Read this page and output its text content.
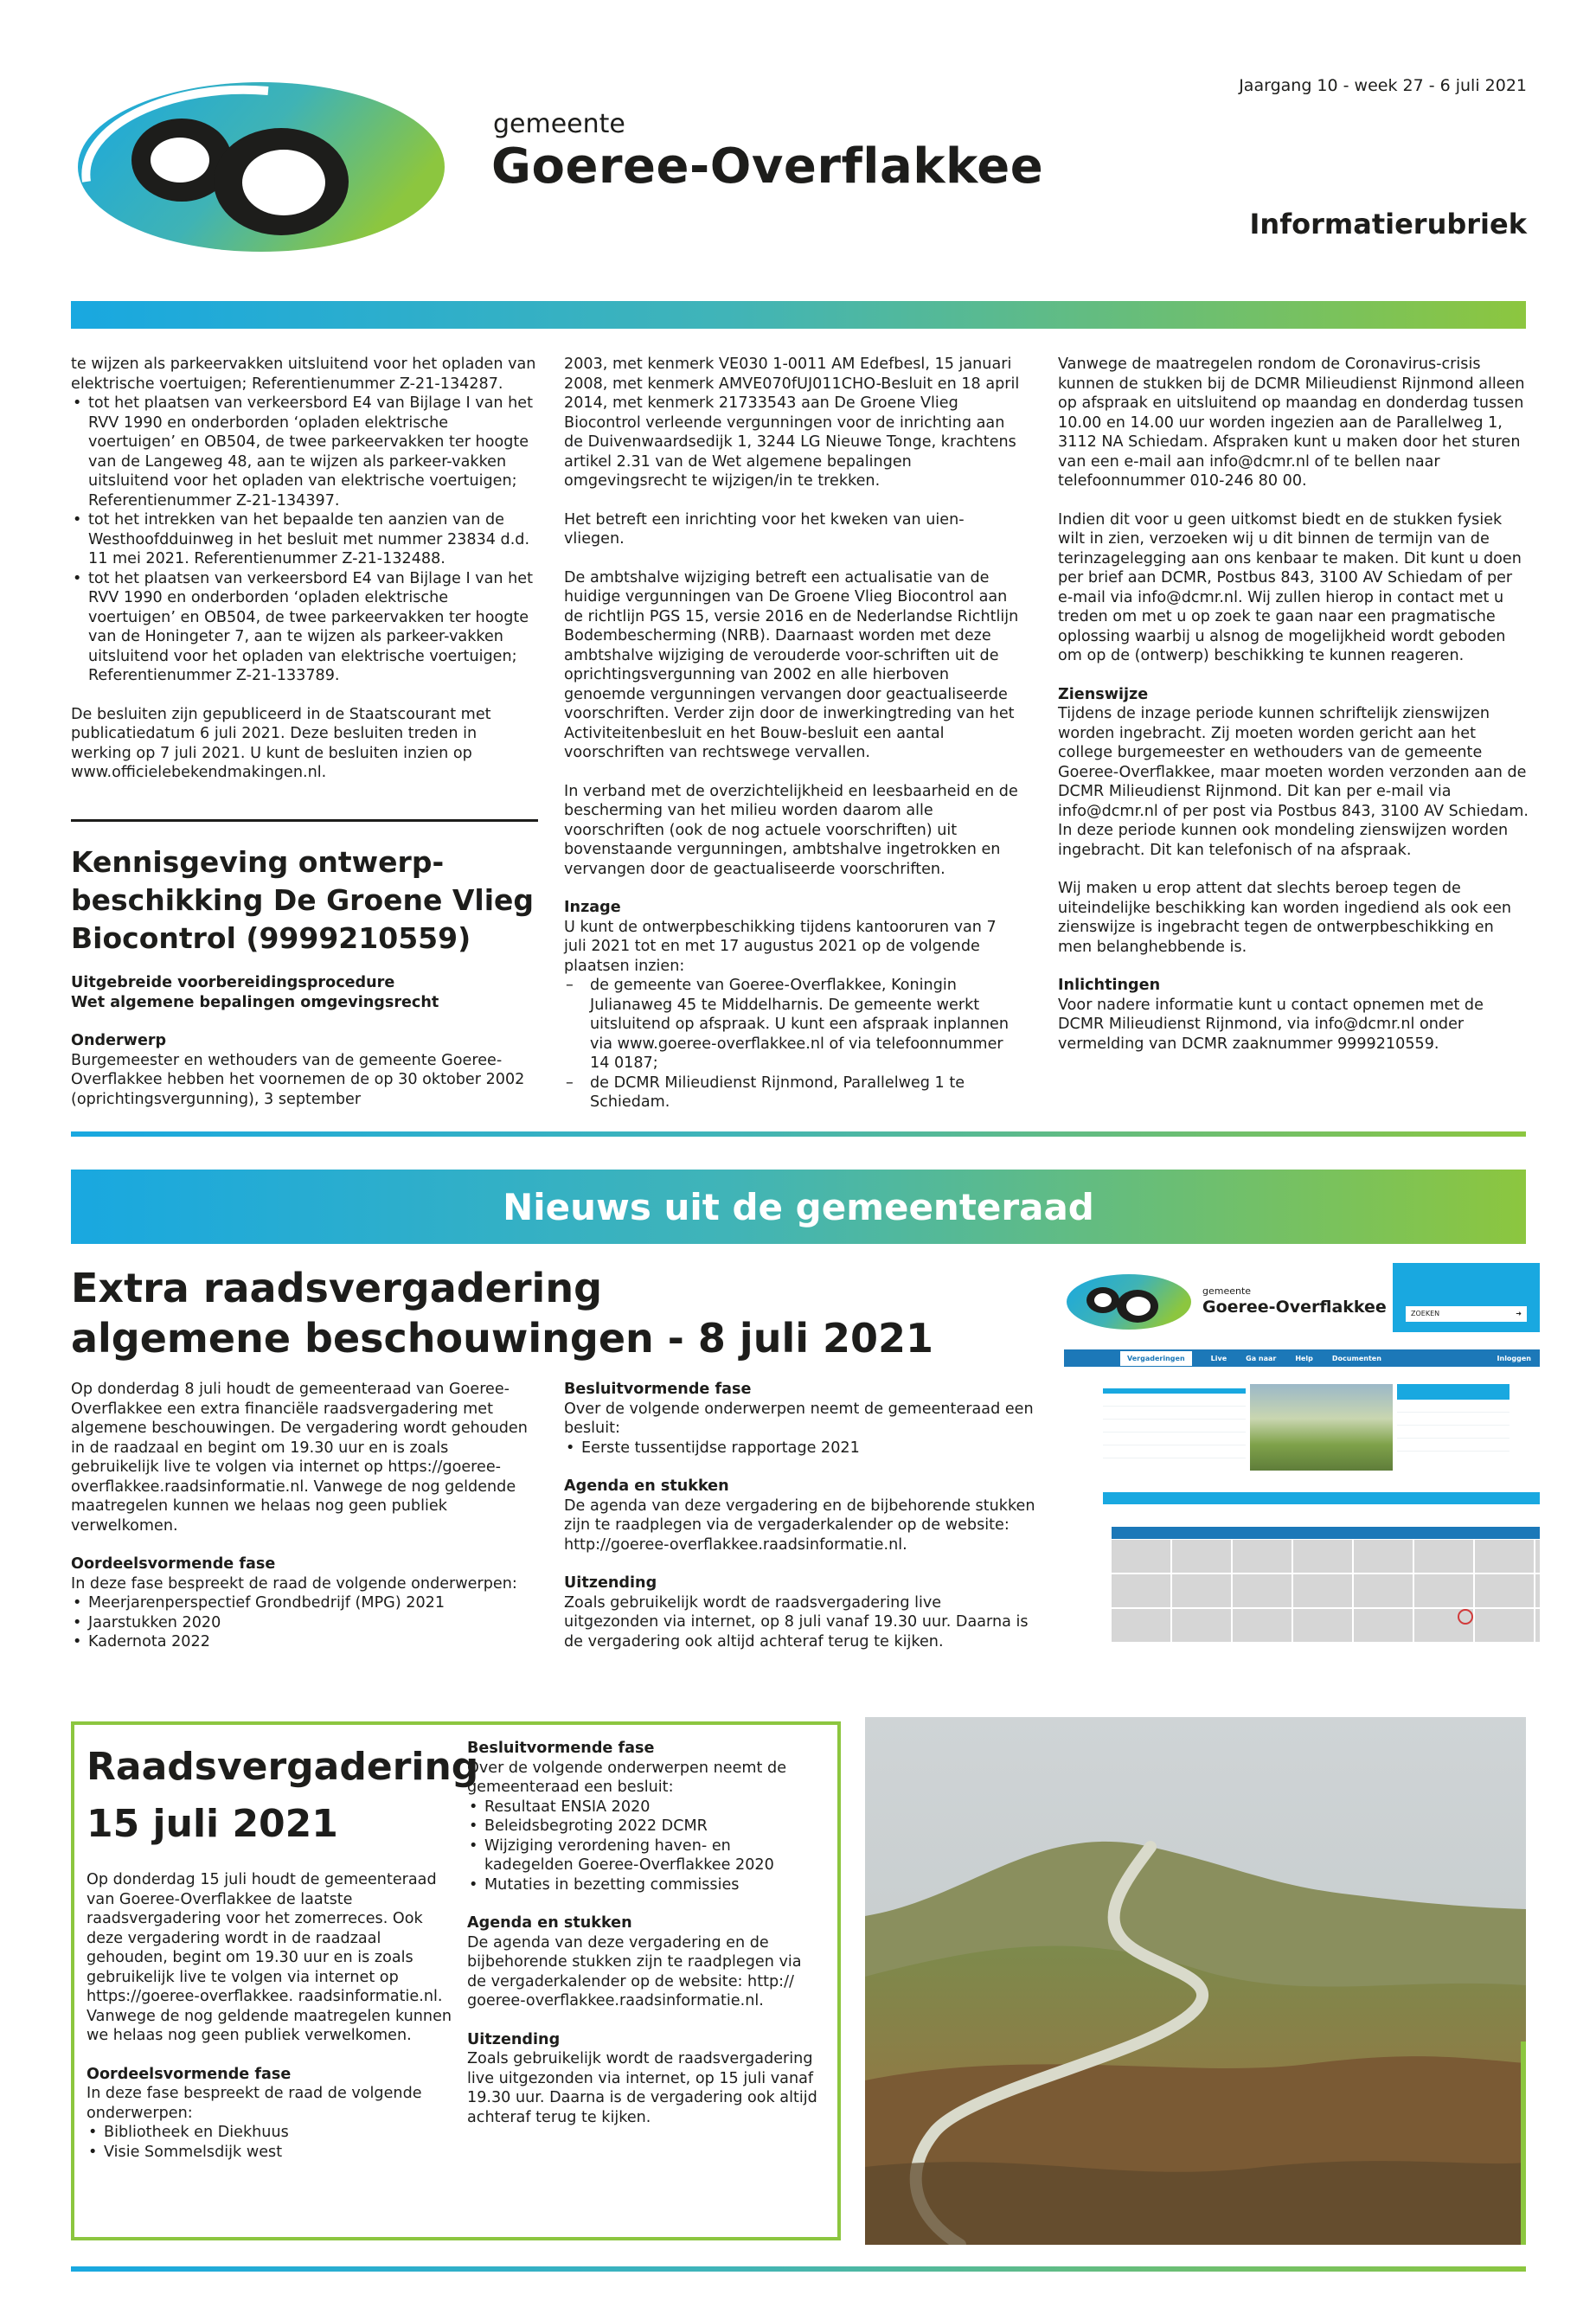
gemeente
Goeree-Overflakkee
Jaargang 10 - week 27 - 6 juli 2021
Informatierubriek

te wijzen als parkeervakken uitsluitend voor het opladen van elektrische voertuigen; Referentienummer Z-21-134287.

• tot het plaatsen van verkeersbord E4 van Bijlage I van het RVV 1990 en onderborden ‘opladen elektrische voertuigen’ en OB504, de twee parkeervakken ter hoogte van de Langeweg 48, aan te wijzen als parkeer-vakken uitsluitend voor het opladen van elektrische voertuigen; Referentienummer Z-21-134397.
• tot het intrekken van het bepaalde ten aanzien van de Westhoofdduinweg in het besluit met nummer 23834 d.d. 11 mei 2021. Referentienummer Z-21-132488.
• tot het plaatsen van verkeersbord E4 van Bijlage I van het RVV 1990 en onderborden ‘opladen elektrische voertuigen’ en OB504, de twee parkeervakken ter hoogte van de Honingeter 7, aan te wijzen als parkeer-vakken uitsluitend voor het opladen van elektrische voertuigen; Referentienummer Z-21-133789.

De besluiten zijn gepubliceerd in de Staatscourant met publicatiedatum 6 juli 2021. Deze besluiten treden in werking op 7 juli 2021. U kunt de besluiten inzien op www.officielebekendmakingen.nl.

Kennisgeving ontwerp-beschikking De Groene Vlieg Biocontrol (9999210559)
Uitgebreide voorbereidingsprocedure
Wet algemene bepalingen omgevingsrecht
Onderwerp

Burgemeester en wethouders van de gemeente Goeree-Overflakkee hebben het voornemen de op 30 oktober 2002 (oprichtingsvergunning), 3 september

2003, met kenmerk VE030 1-0011 AM Edefbesl, 15 januari 2008, met kenmerk AMVE070fUJ011CHO-Besluit en 18 april 2014, met kenmerk 21733543 aan De Groene Vlieg Biocontrol verleende vergunningen voor de inrichting aan de Duivenwaardsedijk 1, 3244 LG Nieuwe Tonge, krachtens artikel 2.31 van de Wet algemene bepalingen omgevingsrecht te wijzigen/in te trekken.

Het betreft een inrichting voor het kweken van uien-vliegen.

De ambtshalve wijziging betreft een actualisatie van de huidige vergunningen van De Groene Vlieg Biocontrol aan de richtlijn PGS 15, versie 2016 en de Nederlandse Richtlijn Bodembescherming (NRB). Daarnaast worden met deze ambtshalve wijziging de verouderde voor-schriften uit de oprichtingsvergunning van 2002 en alle hierboven genoemde vergunningen vervangen door geactualiseerde voorschriften. Verder zijn door de inwerkingtreding van het Activiteitenbesluit en het Bouw-besluit een aantal voorschriften van rechtswege vervallen.

In verband met de overzichtelijkheid en leesbaarheid en de bescherming van het milieu worden daarom alle voorschriften (ook de nog actuele voorschriften) uit bovenstaande vergunningen, ambtshalve ingetrokken en vervangen door de geactualiseerde voorschriften.

Inzage

U kunt de ontwerpbeschikking tijdens kantooruren van 7 juli 2021 tot en met 17 augustus 2021 op de volgende plaatsen inzien:

– de gemeente van Goeree-Overflakkee, Koningin Julianaweg 45 te Middelharnis. De gemeente werkt uitsluitend op afspraak. U kunt een afspraak inplannen via www.goeree-overflakkee.nl of via telefoonnummer 14 0187;
– de DCMR Milieudienst Rijnmond, Parallelweg 1 te Schiedam.

Vanwege de maatregelen rondom de Coronavirus-crisis kunnen de stukken bij de DCMR Milieudienst Rijnmond alleen op afspraak en uitsluitend op maandag en donderdag tussen 10.00 en 14.00 uur worden ingezien aan de Parallelweg 1, 3112 NA Schiedam. Afspraken kunt u maken door het sturen van een e-mail aan info@dcmr.nl of te bellen naar telefoonnummer 010-246 80 00.

Indien dit voor u geen uitkomst biedt en de stukken fysiek wilt in zien, verzoeken wij u dit binnen de termijn van de terinzagelegging aan ons kenbaar te maken. Dit kunt u doen per brief aan DCMR, Postbus 843, 3100 AV Schiedam of per e-mail via info@dcmr.nl. Wij zullen hierop in contact met u treden om met u op zoek te gaan naar een pragmatische oplossing waarbij u alsnog de mogelijkheid wordt geboden om op de (ontwerp) beschikking te kunnen reageren.

Zienswijze

Tijdens de inzage periode kunnen schriftelijk zienswijzen worden ingebracht. Zij moeten worden gericht aan het college burgemeester en wethouders van de gemeente Goeree-Overflakkee, maar moeten worden verzonden aan de DCMR Milieudienst Rijnmond. Dit kan per e-mail via info@dcmr.nl of per post via Postbus 843, 3100 AV Schiedam. In deze periode kunnen ook mondeling zienswijzen worden ingebracht. Dit kan telefonisch of na afspraak.

Wij maken u erop attent dat slechts beroep tegen de uiteindelijke beschikking kan worden ingediend als ook een zienswijze is ingebracht tegen de ontwerpbeschikking en men belanghebbende is.

Inlichtingen

Voor nadere informatie kunt u contact opnemen met de DCMR Milieudienst Rijnmond, via info@dcmr.nl onder vermelding van DCMR zaaknummer 9999210559.

Nieuws uit de gemeenteraad
Extra raadsvergadering
algemene beschouwingen - 8 juli 2021

Op donderdag 8 juli houdt de gemeenteraad van Goeree-Overflakkee een extra financiële raadsvergadering met algemene beschouwingen. De vergadering wordt gehouden in de raadzaal en begint om 19.30 uur en is zoals gebruikelijk live te volgen via internet op https://goeree-overflakkee.raadsinformatie.nl. Vanwege de nog geldende maatregelen kunnen we helaas nog geen publiek verwelkomen.

Oordeelsvormende fase

In deze fase bespreekt de raad de volgende onderwerpen:

• Meerjarenperspectief Grondbedrijf (MPG) 2021
• Jaarstukken 2020
• Kadernota 2022
Besluitvormende fase

Over de volgende onderwerpen neemt de gemeenteraad een besluit:

• Eerste tussentijdse rapportage 2021
Agenda en stukken

De agenda van deze vergadering en de bijbehorende stukken zijn te raadplegen via de vergaderkalender op de website: http://goeree-overflakkee.raadsinformatie.nl.

Uitzending

Zoals gebruikelijk wordt de raadsvergadering live uitgezonden via internet, op 8 juli vanaf 19.30 uur. Daarna is de vergadering ook altijd achteraf terug te kijken.

gemeente
Goeree-Overflakkee	ZOEKEN	➜
Vergaderingen	Live	Ga naar	Help	Documenten	Inloggen
Raadsvergadering
15 juli 2021

Op donderdag 15 juli houdt de gemeenteraad van Goeree-Overflakkee de laatste raadsvergadering voor het zomerreces. Ook deze vergadering wordt in de raadzaal gehouden, begint om 19.30 uur en is zoals gebruikelijk live te volgen via internet op https://goeree-overflakkee. raadsinformatie.nl.

Vanwege de nog geldende maatregelen kunnen we helaas nog geen publiek verwelkomen.

Oordeelsvormende fase

In deze fase bespreekt de raad de volgende onderwerpen:

• Bibliotheek en Diekhuus
• Visie Sommelsdijk west
Besluitvormende fase

Over de volgende onderwerpen neemt de gemeenteraad een besluit:

• Resultaat ENSIA 2020
• Beleidsbegroting 2022 DCMR
• Wijziging verordening haven- en kadegelden Goeree-Overflakkee 2020
• Mutaties in bezetting commissies
Agenda en stukken

De agenda van deze vergadering en de bijbehorende stukken zijn te raadplegen via de vergaderkalender op de website: http:// goeree-overflakkee.raadsinformatie.nl.

Uitzending

Zoals gebruikelijk wordt de raadsvergadering live uitgezonden via internet, op 15 juli vanaf 19.30 uur. Daarna is de vergadering ook altijd achteraf terug te kijken.
